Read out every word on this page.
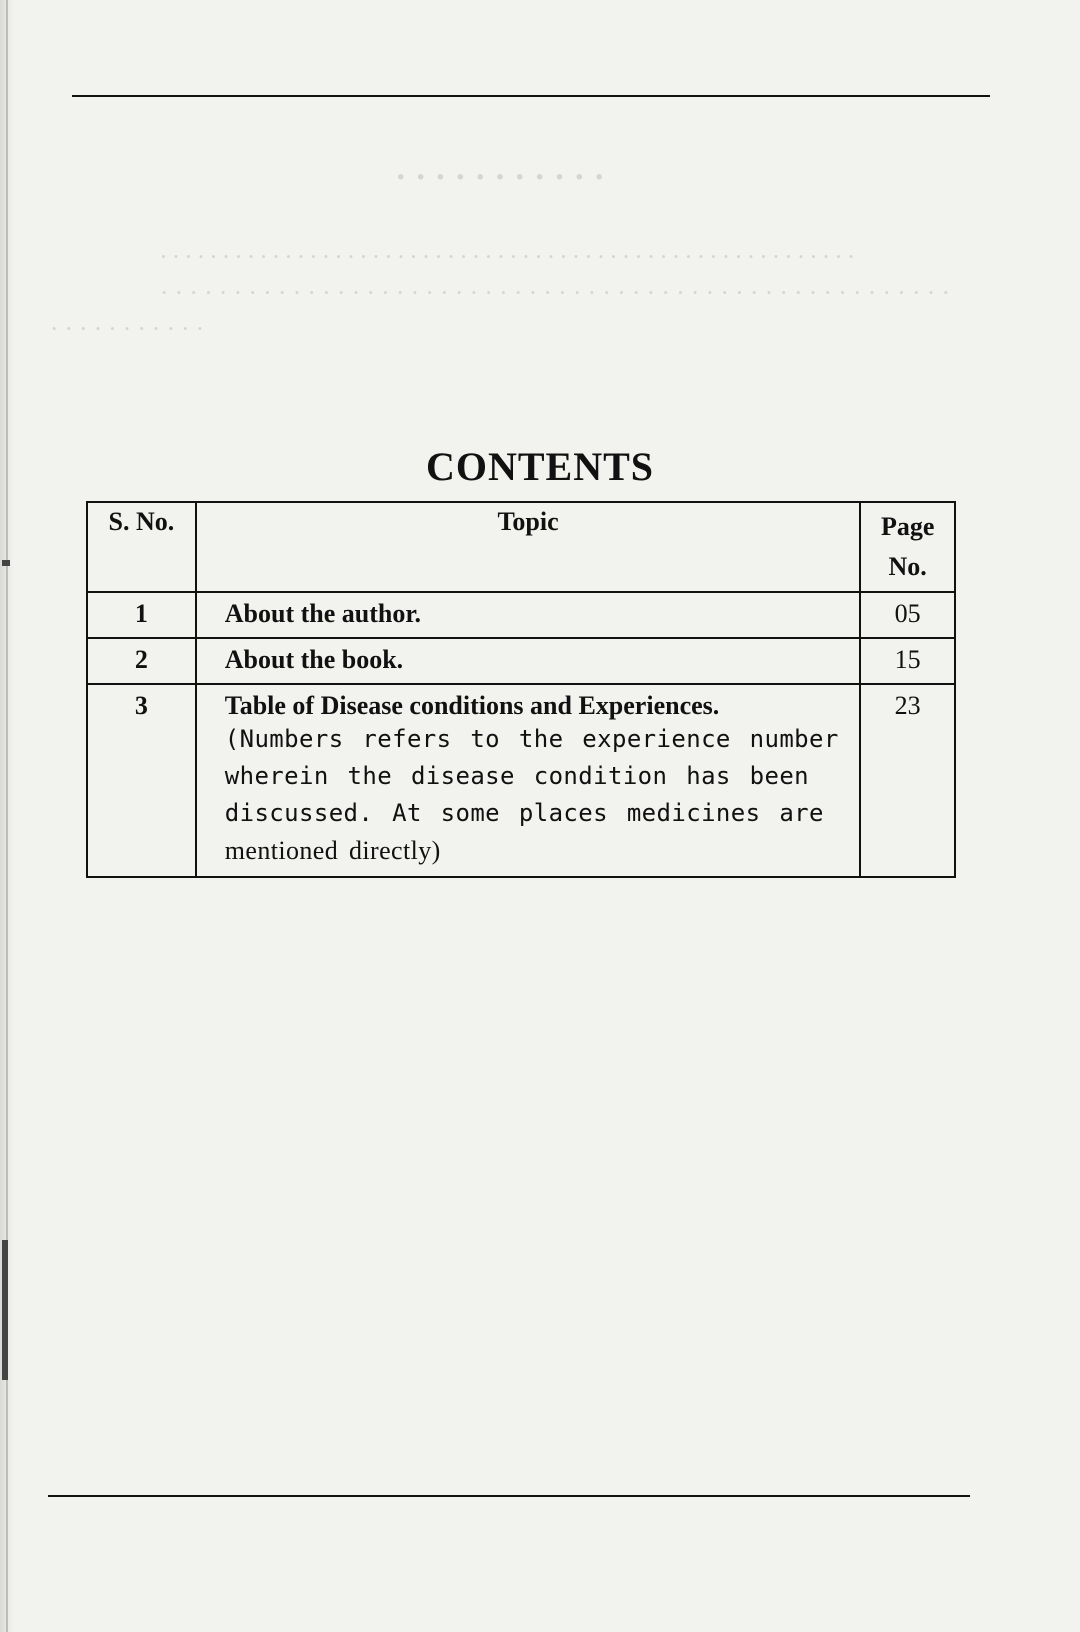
· · · · · · · · · · ·

· · · · · · · · · · · · · · · · · · · · · · · · · · · · · · · · · · · · · · · · · · · · · · · · · · · · · · · ·

· · · · · · · · · · · · · · · · · · · · · · · · · · · · · · · · · · · · · · · · · · · · · · · · · · · · · · · · · · · · · · · · ·

CONTENTS
S. No.	Topic	Page No.
1	About the author.	05
2	About the book.	15
3	Table of Disease conditions and Experiences.
(Numbers refers to the experience number wherein the disease condition has been discussed. At some places medicines are
mentioned directly)	23
